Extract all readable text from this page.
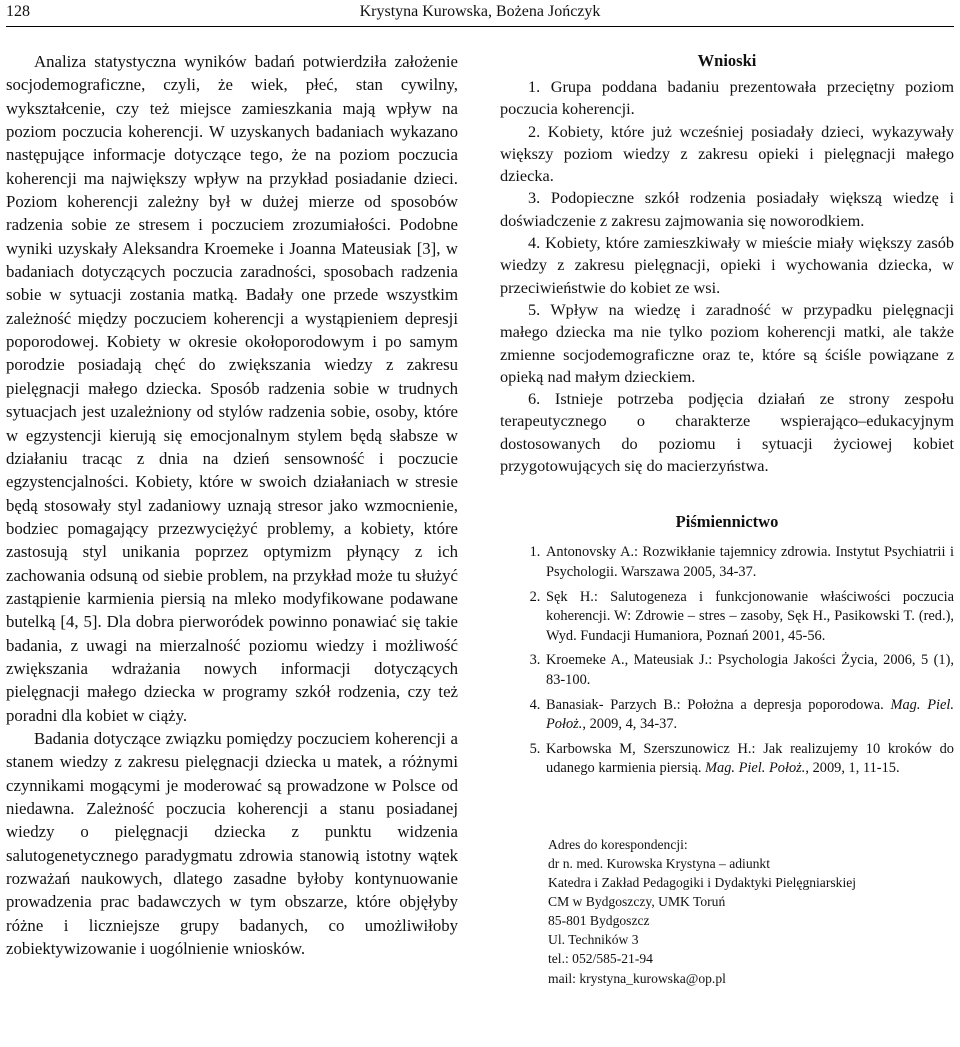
128	Krystyna Kurowska, Bożena Jończyk

Analiza statystyczna wyników badań potwierdziła założenie socjodemograficzne, czyli, że wiek, płeć, stan cywilny, wykształcenie, czy też miejsce zamieszkania mają wpływ na poziom poczucia koherencji. W uzyskanych badaniach wykazano następujące informacje dotyczące tego, że na poziom poczucia koherencji ma największy wpływ na przykład posiadanie dzieci. Poziom koherencji zależny był w dużej mierze od sposobów radzenia sobie ze stresem i poczuciem zrozumiałości. Podobne wyniki uzyskały Aleksandra Kroemeke i Joanna Mateusiak [3], w badaniach dotyczących poczucia zaradności, sposobach radzenia sobie w sytuacji zostania matką. Badały one przede wszystkim zależność między poczuciem koherencji a wystąpieniem depresji poporodowej. Kobiety w okresie okołoporodowym i po samym porodzie posiadają chęć do zwiększania wiedzy z zakresu pielęgnacji małego dziecka. Sposób radzenia sobie w trudnych sytuacjach jest uzależniony od stylów radzenia sobie, osoby, które w egzystencji kierują się emocjonalnym stylem będą słabsze w działaniu tracąc z dnia na dzień sensowność i poczucie egzystencjalności. Kobiety, które w swoich działaniach w stresie będą stosowały styl zadaniowy uznają stresor jako wzmocnienie, bodziec pomagający przezwyciężyć problemy, a kobiety, które zastosują styl unikania poprzez optymizm płynący z ich zachowania odsuną od siebie problem, na przykład może tu służyć zastąpienie karmienia piersią na mleko modyfikowane podawane butelką [4, 5]. Dla dobra pierworódek powinno ponawiać się takie badania, z uwagi na mierzalność poziomu wiedzy i możliwość zwiększania wdrażania nowych informacji dotyczących pielęgnacji małego dziecka w programy szkół rodzenia, czy też poradni dla kobiet w ciąży.

Badania dotyczące związku pomiędzy poczuciem koherencji a stanem wiedzy z zakresu pielęgnacji dziecka u matek, a różnymi czynnikami mogącymi je moderować są prowadzone w Polsce od niedawna. Zależność poczucia koherencji a stanu posiadanej wiedzy o pielęgnacji dziecka z punktu widzenia salutogenetycznego paradygmatu zdrowia stanowią istotny wątek rozważań naukowych, dlatego zasadne byłoby kontynuowanie prowadzenia prac badawczych w tym obszarze, które objęłyby różne i liczniejsze grupy badanych, co umożliwiłoby zobiektywizowanie i uogólnienie wniosków.

Wnioski

1. Grupa poddana badaniu prezentowała przeciętny poziom poczucia koherencji.

2. Kobiety, które już wcześniej posiadały dzieci, wykazywały większy poziom wiedzy z zakresu opieki i pielęgnacji małego dziecka.

3. Podopieczne szkół rodzenia posiadały większą wiedzę i doświadczenie z zakresu zajmowania się noworodkiem.

4. Kobiety, które zamieszkiwały w mieście miały większy zasób wiedzy z zakresu pielęgnacji, opieki i wychowania dziecka, w przeciwieństwie do kobiet ze wsi.

5. Wpływ na wiedzę i zaradność w przypadku pielęgnacji małego dziecka ma nie tylko poziom koherencji matki, ale także zmienne socjodemograficzne oraz te, które są ściśle powiązane z opieką nad małym dzieckiem.

6. Istnieje potrzeba podjęcia działań ze strony zespołu terapeutycznego o charakterze wspierająco–edukacyjnym dostosowanych do poziomu i sytuacji życiowej kobiet przygotowujących się do macierzyństwa.

Piśmiennictwo
1. Antonovsky A.: Rozwikłanie tajemnicy zdrowia. Instytut Psychiatrii i Psychologii. Warszawa 2005, 34-37.
2. Sęk H.: Salutogeneza i funkcjonowanie właściwości poczucia koherencji. W: Zdrowie – stres – zasoby, Sęk H., Pasikowski T. (red.), Wyd. Fundacji Humaniora, Poznań 2001, 45-56.
3. Kroemeke A., Mateusiak J.: Psychologia Jakości Życia, 2006, 5 (1), 83-100.
4. Banasiak- Parzych B.: Położna a depresja poporodowa. Mag. Piel. Położ., 2009, 4, 34-37.
5. Karbowska M, Szerszunowicz H.: Jak realizujemy 10 kroków do udanego karmienia piersią. Mag. Piel. Położ., 2009, 1, 11-15.
Adres do korespondencji:
dr n. med. Kurowska Krystyna – adiunkt
Katedra i Zakład Pedagogiki i Dydaktyki Pielęgniarskiej
CM w Bydgoszczy, UMK Toruń
85-801 Bydgoszcz
Ul. Techników 3
tel.: 052/585-21-94
mail: krystyna_kurowska@op.pl
